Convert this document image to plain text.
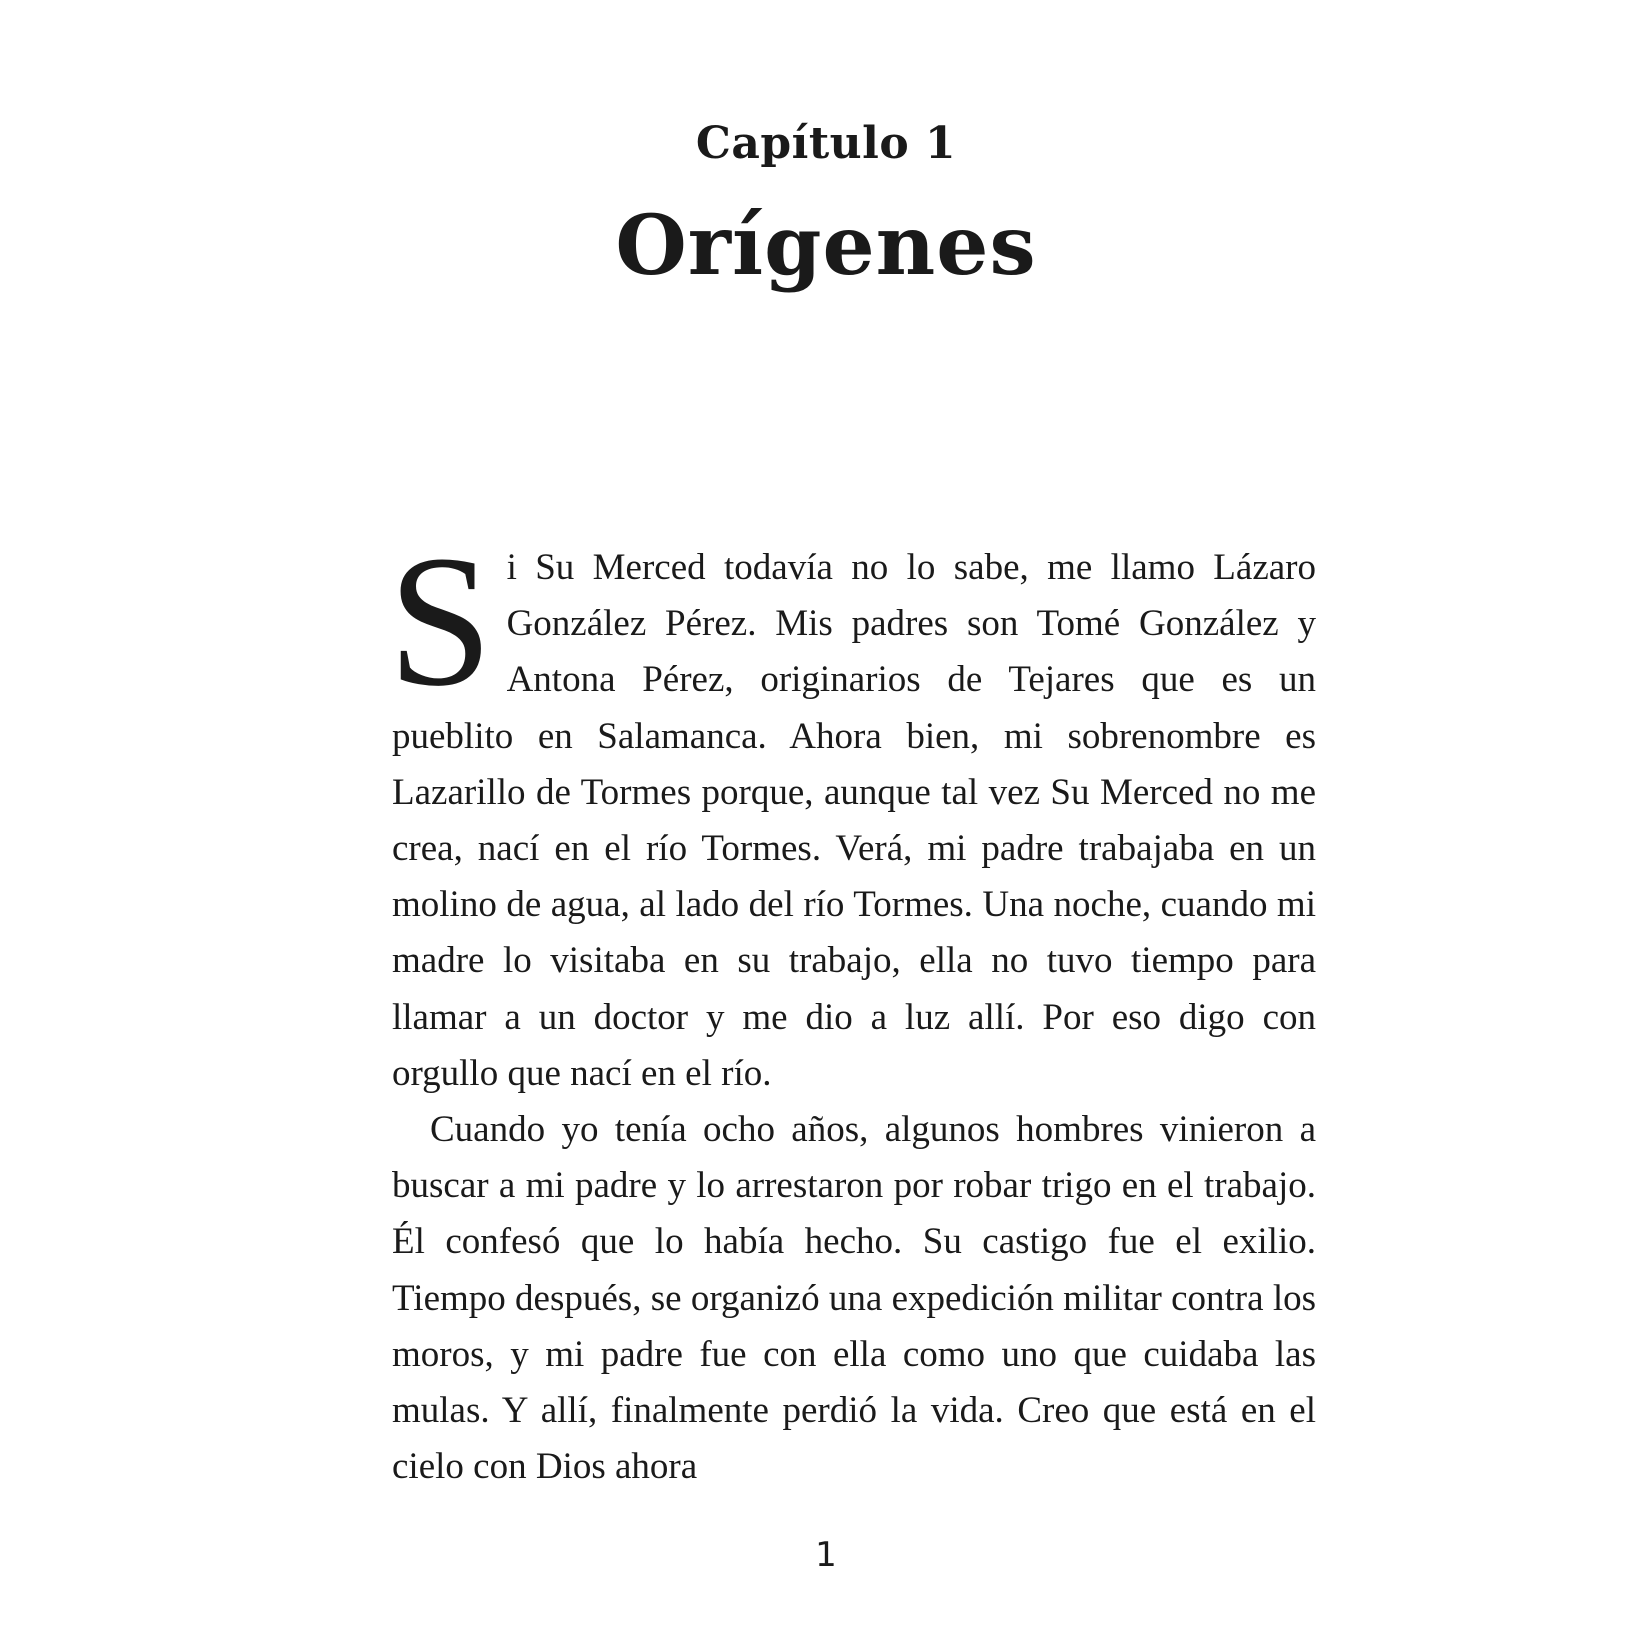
Capítulo 1
Orígenes

Si Su Merced todavía no lo sabe, me llamo Lázaro González Pérez. Mis padres son Tomé González y Antona Pérez, originarios de Tejares que es un pueblito en Salamanca. Ahora bien, mi sobrenombre es Lazarillo de Tormes porque, aunque tal vez Su Merced no me crea, nací en el río Tormes. Verá, mi padre trabajaba en un molino de agua, al lado del río Tormes. Una noche, cuando mi madre lo visitaba en su trabajo, ella no tuvo tiempo para llamar a un doctor y me dio a luz allí. Por eso digo con orgullo que nací en el río.

Cuando yo tenía ocho años, algunos hombres vinieron a buscar a mi padre y lo arrestaron por robar trigo en el trabajo. Él confesó que lo había hecho. Su castigo fue el exilio. Tiempo después, se organizó una expedición militar contra los moros, y mi padre fue con ella como uno que cuidaba las mulas. Y allí, finalmente perdió la vida. Creo que está en el cielo con Dios ahora

1
